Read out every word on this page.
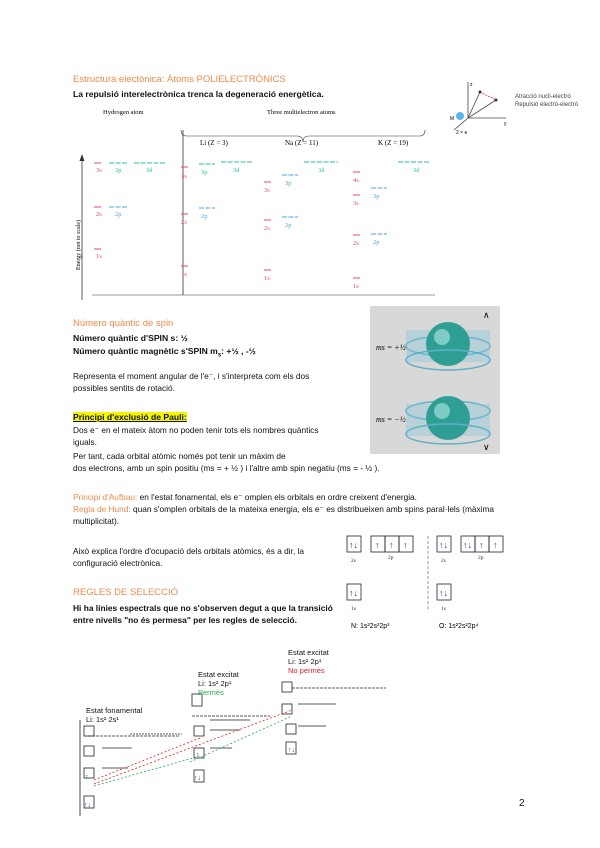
Estructura electònica: Àtoms POLIELECTRÒNICS
La repulsió interelectrònica trenca la degeneració energètica.
M
z
y
2 × e
Atracció nucli-electró
Repulsió electró-electró
Hydrogen atom	Three multielectron atoms
Li (Z = 3)	Na (Z = 11)	K (Z = 19)
Energy (not to scale)
3s 3p	3d
2s 2p
1s
3s
3p	3d
2s
2p
1s
3s
3p
3d
2s 2p
1s
4s
3d
3s
3p
2s 2p
1s
Número quàntic de spin
Número quàntic d'SPIN s: ½
Número quàntic magnètic s'SPIN $m_s$: +½ , -½
Representa el moment angular de l'e⁻, i s'interpreta com els dos possibles sentits de rotació.
∧
∨
ms = +½
ms = −½
Principi d'exclusió de Pauli:
Dos e⁻ en el mateix àtom no poden tenir tots els nombres quàntics iguals.
Per tant, cada orbital atòmic només pot tenir un màxim de
dos electrons, amb un spin positiu (ms = + ½ ) i l'altre amb spin negatiu (ms = - ½ ).
Principi d'Aufbau: en l'estat fonamental, els e⁻ omplen els orbitals en ordre creixent d'energia.
Regla de Hund: quan s'omplen orbitals de la mateixa energia, els e⁻ es distribueixen amb spins paral·lels (màxima multiplicitat).
Això explica l'ordre d'ocupació dels orbitals atòmics, és a dir, la configuració electrònica.
↑↓ ↑ ↑ ↑
↑↓
↑↓ ↑↓ ↑ ↑
↑↓
2s	2p
1s
2s	2p
1s
N: 1s²2s²2p³	O: 1s²2s²2p⁴
REGLES DE SELECCIÓ
Hi ha línies espectrals que no s'observen degut a que la transició entre nivells "no és permesa" per les regles de selecció.
Estat fonamental
Li: 1s² 2s¹
Estat excitat
Li: 1s² 2p¹
Permès
Estat excitat
Li: 1s² 2p¹
No permès
↑
↑↓
↑
↑↓
↑↓
2
